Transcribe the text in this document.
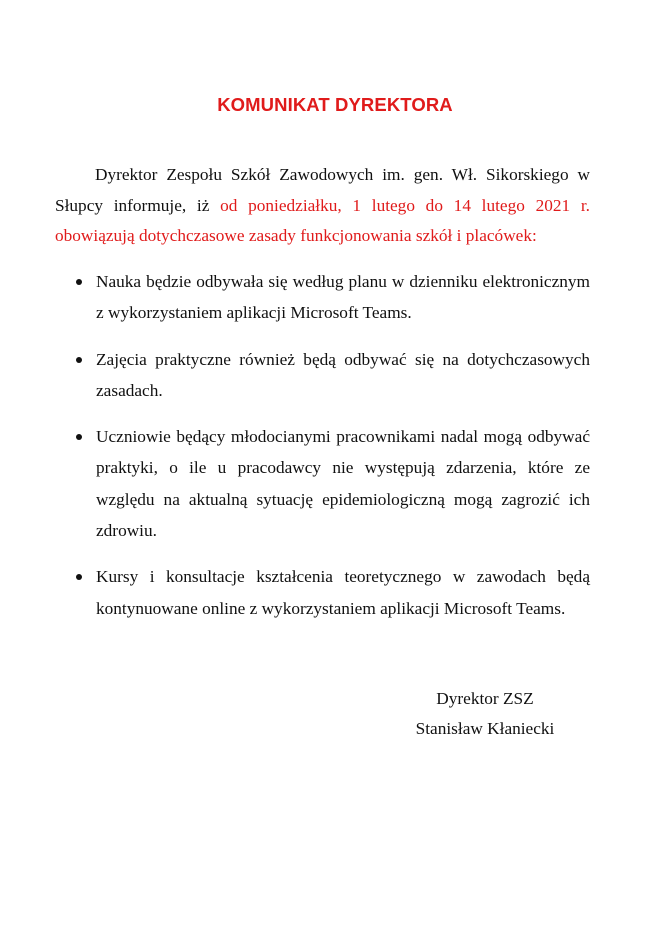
KOMUNIKAT DYREKTORA

Dyrektor Zespołu Szkół Zawodowych im. gen. Wł. Sikorskiego w Słupcy informuje, iż od poniedziałku, 1 lutego do 14 lutego 2021 r. obowiązują dotychczasowe zasady funkcjonowania szkół i placówek:

Nauka będzie odbywała się według planu w dzienniku elektronicznym z wykorzystaniem aplikacji Microsoft Teams.
Zajęcia praktyczne również będą odbywać się na dotychczasowych zasadach.
Uczniowie będący młodocianymi pracownikami nadal mogą odbywać praktyki, o ile u pracodawcy nie występują zdarzenia, które ze względu na aktualną sytuację epidemiologiczną mogą zagrozić ich zdrowiu.
Kursy i konsultacje kształcenia teoretycznego w zawodach będą kontynuowane online z wykorzystaniem aplikacji Microsoft Teams.
Dyrektor ZSZ
Stanisław Kłaniecki
